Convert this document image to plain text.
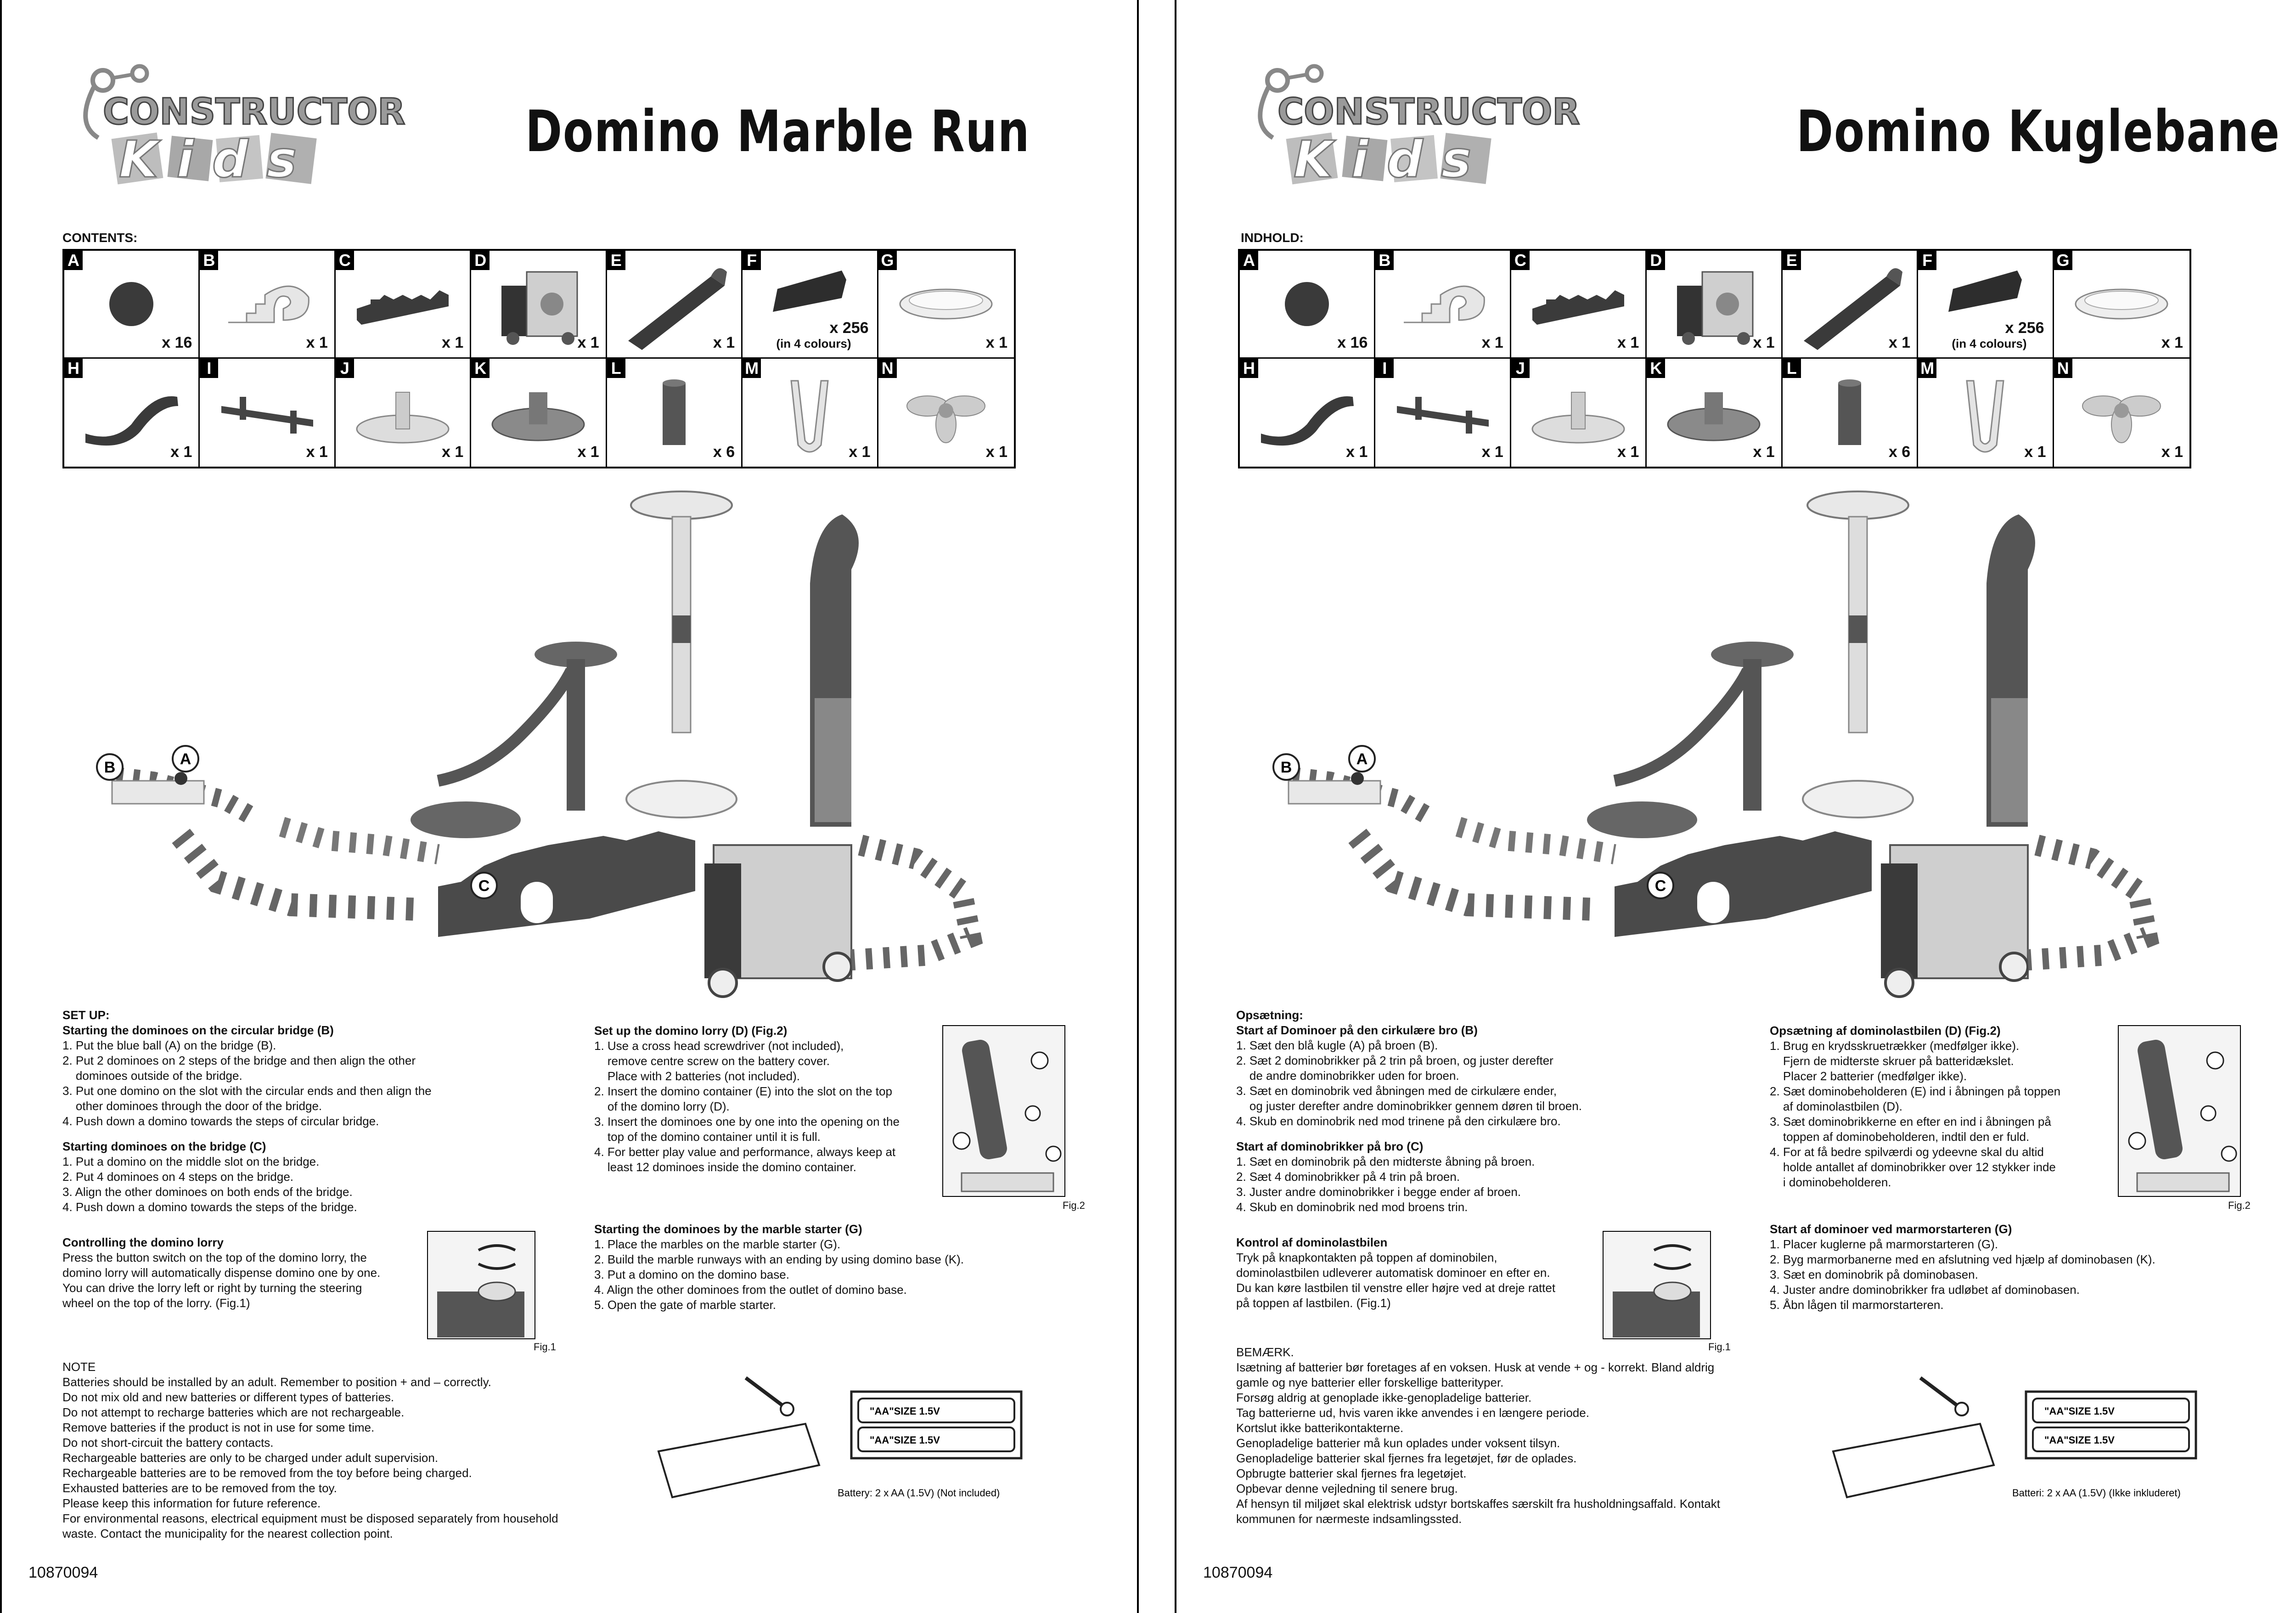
CONSTRUCTOR
Kids	Domino Marble Run
CONTENTS:
A
x 16
B
x 1
C
x 1
D
x 1
E
x 1
F
x 256
(in 4 colours)
G
x 1
H
x 1
I
x 1
J
x 1
K
x 1
L
x 6
M
x 1
N
x 1
B	A
C

SET UP:

Starting the dominoes on the circular bridge (B)

1. Put the blue ball (A) on the bridge (B).

2. Put 2 dominoes on 2 steps of the bridge and then align the other

dominoes outside of the bridge.

3. Put one domino on the slot with the circular ends and then align the

other dominoes through the door of the bridge.

4. Push down a domino towards the steps of circular bridge.

Starting dominoes on the bridge (C)

1. Put a domino on the middle slot on the bridge.

2. Put 4 dominoes on 4 steps on the bridge.

3. Align the other dominoes on both ends of the bridge.

4. Push down a domino towards the steps of the bridge.

Controlling the domino lorry

Press the button switch on the top of the domino lorry, the

domino lorry will automatically dispense domino one by one.

You can drive the lorry left or right by turning the steering

wheel on the top of the lorry. (Fig.1)

Fig.1

Set up the domino lorry (D) (Fig.2)

1. Use a cross head screwdriver (not included),

remove centre screw on the battery cover.

Place with 2 batteries (not included).

2. Insert the domino container (E) into the slot on the top

of the domino lorry (D).

3. Insert the dominoes one by one into the opening on the

top of the domino container until it is full.

4. For better play value and performance, always keep at

least 12 dominoes inside the domino container.

Fig.2

Starting the dominoes by the marble starter (G)

1. Place the marbles on the marble starter (G).

2. Build the marble runways with an ending by using domino base (K).

3. Put a domino on the domino base.

4. Align the other dominoes from the outlet of domino base.

5. Open the gate of marble starter.

NOTE

Batteries should be installed by an adult. Remember to position + and – correctly.

Do not mix old and new batteries or different types of batteries.

Do not attempt to recharge batteries which are not rechargeable.

Remove batteries if the product is not in use for some time.

Do not short-circuit the battery contacts.

Rechargeable batteries are only to be charged under adult supervision.

Rechargeable batteries are to be removed from the toy before being charged.

Exhausted batteries are to be removed from the toy.

Please keep this information for future reference.

For environmental reasons, electrical equipment must be disposed separately from household

waste. Contact the municipality for the nearest collection point.

"AA"SIZE 1.5V
"AA"SIZE 1.5V
Battery: 2 x AA (1.5V) (Not included)
10870094
CONSTRUCTOR
Kids	Domino Kuglebane
INDHOLD:
A
x 16
B
x 1
C
x 1
D
x 1
E
x 1
F
x 256
(in 4 colours)
G
x 1
H
x 1
I
x 1
J
x 1
K
x 1
L
x 6
M
x 1
N
x 1
B	A
C

Opsætning:

Start af Dominoer på den cirkulære bro (B)

1. Sæt den blå kugle (A) på broen (B).

2. Sæt 2 dominobrikker på 2 trin på broen, og juster derefter

de andre dominobrikker uden for broen.

3. Sæt en dominobrik ved åbningen med de cirkulære ender,

og juster derefter andre dominobrikker gennem døren til broen.

4. Skub en dominobrik ned mod trinene på den cirkulære bro.

Start af dominobrikker på bro (C)

1. Sæt en dominobrik på den midterste åbning på broen.

2. Sæt 4 dominobrikker på 4 trin på broen.

3. Juster andre dominobrikker i begge ender af broen.

4. Skub en dominobrik ned mod broens trin.

Kontrol af dominolastbilen

Tryk på knapkontakten på toppen af dominobilen,

dominolastbilen udleverer automatisk dominoer en efter en.

Du kan køre lastbilen til venstre eller højre ved at dreje rattet

på toppen af lastbilen. (Fig.1)

Fig.1

Opsætning af dominolastbilen (D) (Fig.2)

1. Brug en krydsskruetrækker (medfølger ikke).

Fjern de midterste skruer på batteridækslet.

Placer 2 batterier (medfølger ikke).

2. Sæt dominobeholderen (E) ind i åbningen på toppen

af dominolastbilen (D).

3. Sæt dominobrikkerne en efter en ind i åbningen på

toppen af dominobeholderen, indtil den er fuld.

4. For at få bedre spilværdi og ydeevne skal du altid

holde antallet af dominobrikker over 12 stykker inde

i dominobeholderen.

Fig.2

Start af dominoer ved marmorstarteren (G)

1. Placer kuglerne på marmorstarteren (G).

2. Byg marmorbanerne med en afslutning ved hjælp af dominobasen (K).

3. Sæt en dominobrik på dominobasen.

4. Juster andre dominobrikker fra udløbet af dominobasen.

5. Åbn lågen til marmorstarteren.

BEMÆRK.

Isætning af batterier bør foretages af en voksen. Husk at vende + og - korrekt. Bland aldrig

gamle og nye batterier eller forskellige batterityper.

Forsøg aldrig at genoplade ikke-genopladelige batterier.

Tag batterierne ud, hvis varen ikke anvendes i en længere periode.

Kortslut ikke batterikontakterne.

Genopladelige batterier må kun oplades under voksent tilsyn.

Genopladelige batterier skal fjernes fra legetøjet, før de oplades.

Opbrugte batterier skal fjernes fra legetøjet.

Opbevar denne vejledning til senere brug.

Af hensyn til miljøet skal elektrisk udstyr bortskaffes særskilt fra husholdningsaffald. Kontakt

kommunen for nærmeste indsamlingssted.

"AA"SIZE 1.5V
"AA"SIZE 1.5V
Batteri: 2 x AA (1.5V) (Ikke inkluderet)
10870094
